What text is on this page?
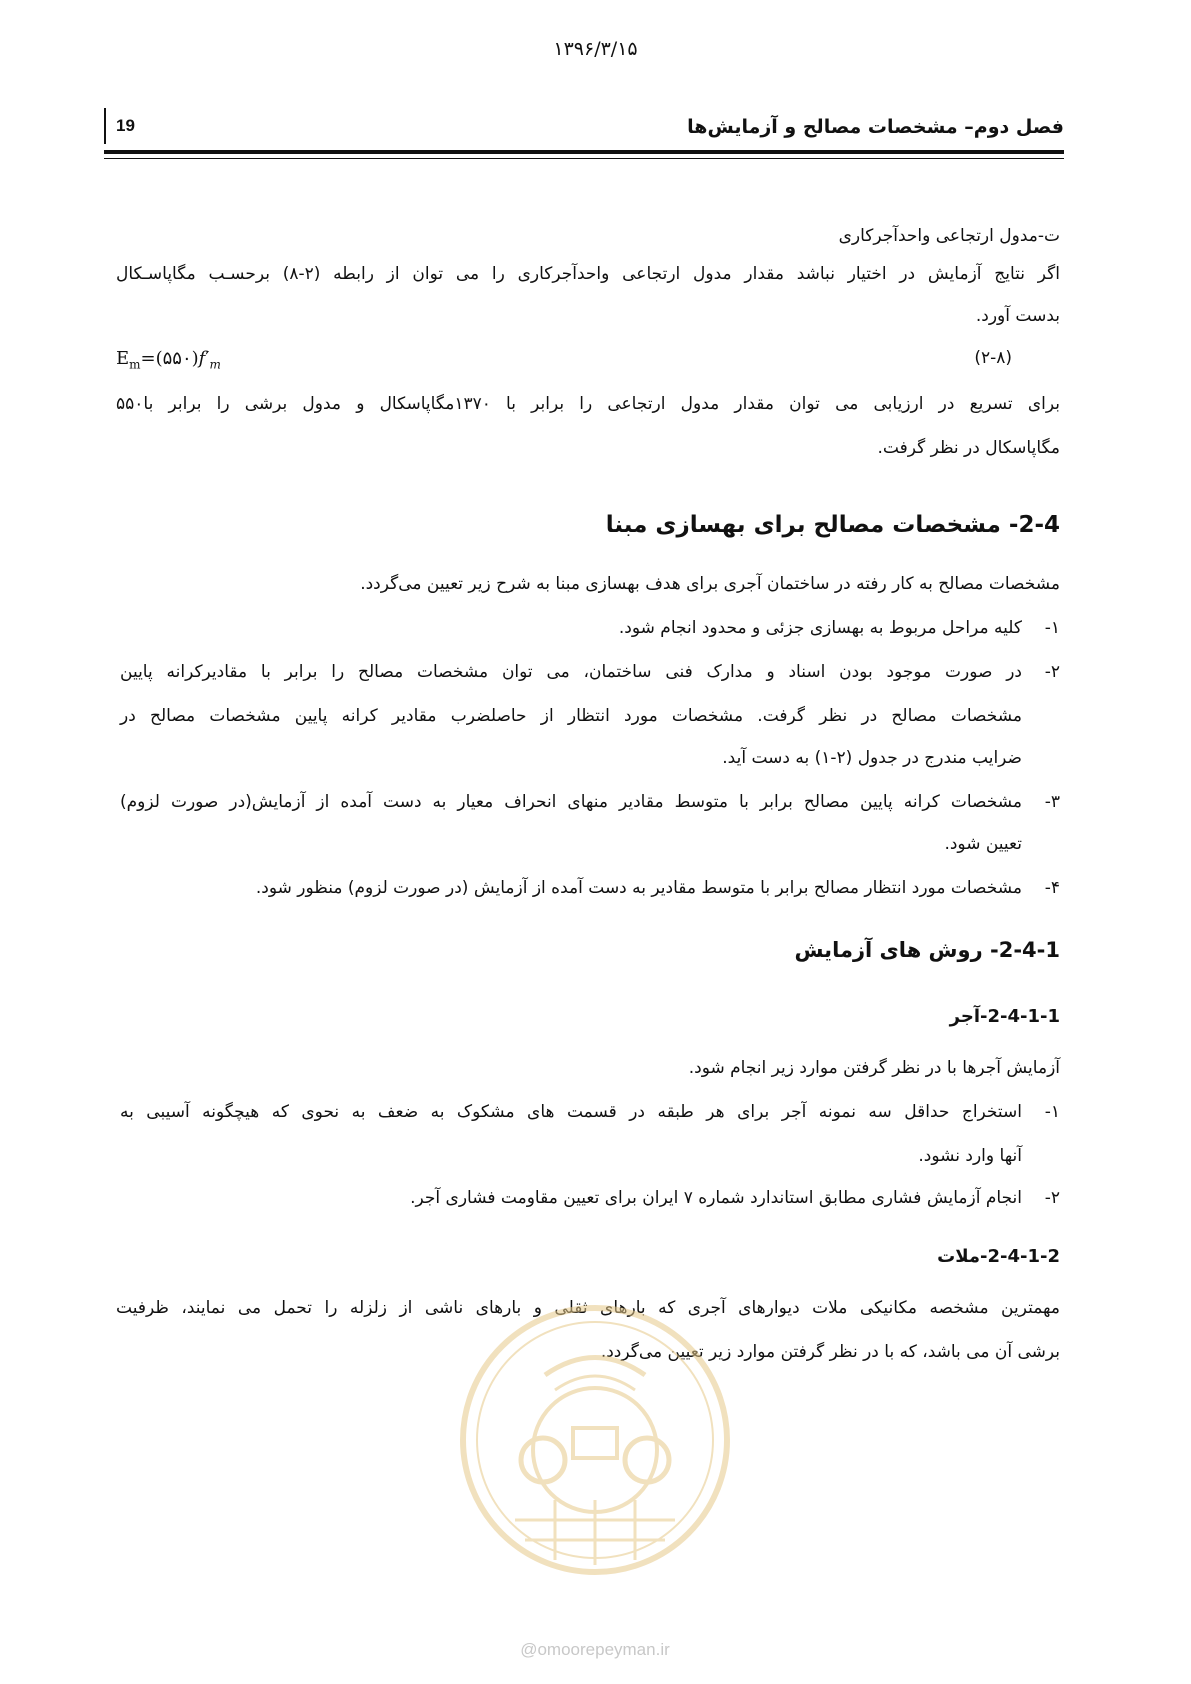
۱۳۹۶/۳/۱۵
19	فصل دوم– مشخصات مصالح و آزمایش‌ها
ت-مدول ارتجاعی واحدآجرکاری
اگر نتایج آزمایش در اختیار نباشد مقدار مدول ارتجاعی واحدآجرکاری را می توان از رابطه (۲-۸) برحسـب مگاپاسـکال
بدست آورد.
$E_m=(۵۵۰)f'_m$	(۲-۸)
برای تسریع در ارزیابی می توان مقدار مدول ارتجاعی را برابر با ۱۳۷۰مگاپاسکال و مدول برشی را برابر با۵۵۰
مگاپاسکال در نظر گرفت.
2-4- مشخصات مصالح برای بهسازی مبنا
مشخصات مصالح به کار رفته در ساختمان آجری برای هدف بهسازی مبنا به شرح زیر تعیین می‌گردد.
۱-
کلیه مراحل مربوط به بهسازی جزئی و محدود انجام شود.
۲-
در صورت موجود بودن اسناد و مدارک فنی ساختمان، می توان مشخصات مصالح را برابر با مقادیرکرانه پایین
مشخصات مصالح در نظر گرفت. مشخصات مورد انتظار از حاصلضرب مقادیر کرانه پایین مشخصات مصالح در
ضرایب مندرج در جدول (۲-۱) به دست آید.
۳-
مشخصات کرانه پایین مصالح برابر با متوسط مقادیر منهای انحراف معیار به دست آمده از آزمایش(در صورت لزوم)
تعیین شود.
۴-
مشخصات مورد انتظار مصالح برابر با متوسط مقادیر به دست آمده از آزمایش (در صورت لزوم) منظور شود.
2-4-1- روش های آزمایش
2-4-1-1-آجر
آزمایش آجرها با در نظر گرفتن موارد زیر انجام شود.
۱-
استخراج حداقل سه نمونه آجر برای هر طبقه در قسمت های مشکوک به ضعف به نحوی که هیچگونه آسیبی به
آنها وارد نشود.
۲-
انجام آزمایش فشاری مطابق استاندارد شماره ۷ ایران برای تعیین مقاومت فشاری آجر.
2-4-1-2-ملات
مهمترین مشخصه مکانیکی ملات دیوارهای آجری که بارهای ثقلی و بارهای ناشی از زلزله را تحمل می نمایند، ظرفیت
برشی آن می باشد، که با در نظر گرفتن موارد زیر تعیین می‌گردد.
@omoorepeyman.ir
